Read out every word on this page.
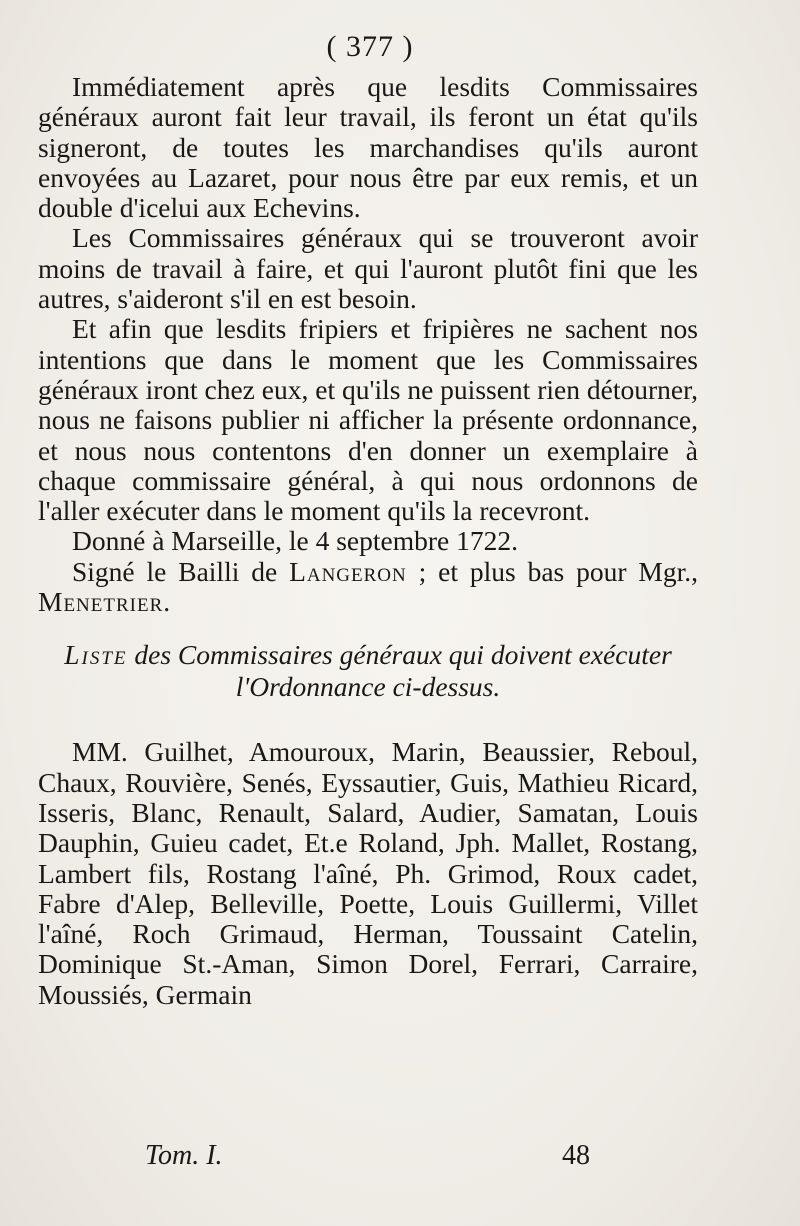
( 377 )

Immédiatement après que lesdits Commissaires généraux auront fait leur travail, ils feront un état qu'ils signeront, de toutes les marchandises qu'ils auront envoyées au Lazaret, pour nous être par eux remis, et un double d'icelui aux Echevins.

Les Commissaires généraux qui se trouveront avoir moins de travail à faire, et qui l'auront plutôt fini que les autres, s'aideront s'il en est besoin.

Et afin que lesdits fripiers et fripières ne sachent nos intentions que dans le moment que les Commissaires généraux iront chez eux, et qu'ils ne puissent rien détourner, nous ne faisons publier ni afficher la présente ordonnance, et nous nous contentons d'en donner un exemplaire à chaque commissaire général, à qui nous ordonnons de l'aller exécuter dans le moment qu'ils la recevront.

Donné à Marseille, le 4 septembre 1722.

Signé le Bailli de Langeron ; et plus bas pour Mgr., Menetrier.

Liste des Commissaires généraux qui doivent exécuter l'Ordonnance ci-dessus.

MM. Guilhet, Amouroux, Marin, Beaussier, Reboul, Chaux, Rouvière, Senés, Eyssautier, Guis, Mathieu Ricard, Isseris, Blanc, Renault, Salard, Audier, Samatan, Louis Dauphin, Guieu cadet, Et.e Roland, Jph. Mallet, Rostang, Lambert fils, Rostang l'aîné, Ph. Grimod, Roux cadet, Fabre d'Alep, Belleville, Poette, Louis Guillermi, Villet l'aîné, Roch Grimaud, Herman, Toussaint Catelin, Dominique St.-Aman, Simon Dorel, Ferrari, Carraire, Moussiés, Germain

Tom. I.	48
